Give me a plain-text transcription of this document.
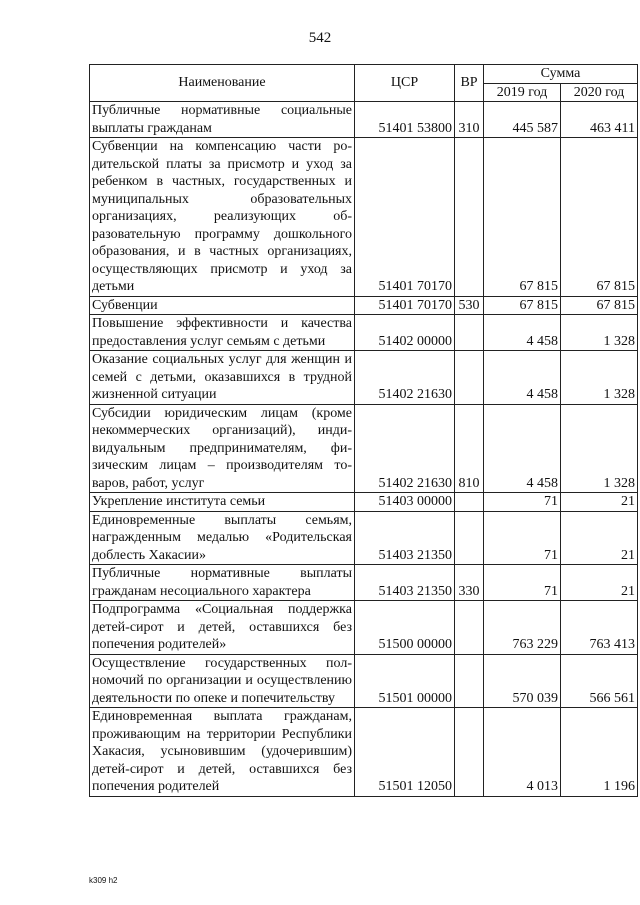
542
Наименование	ЦСР	ВР	Сумма	
			2019 год	2020 год
Публичные нормативные социальные выплаты гражданам	51401 53800	310	445 587	463 411
Субвенции на компенсацию части родительской платы за присмотр и уход за ребенком в частных, государственных и муниципальных образовательных организациях, реализующих образовательную программу дошкольного образования, и в частных организациях, осуществляющих присмотр и уход за детьми	51401 70170		67 815	67 815
Субвенции	51401 70170	530	67 815	67 815
Повышение эффективности и качества предоставления услуг семьям с детьми	51402 00000		4 458	1 328
Оказание социальных услуг для женщин и семей с детьми, оказавшихся в трудной жизненной ситуации	51402 21630		4 458	1 328
Субсидии юридическим лицам (кроме некоммерческих организаций), индивидуальным предпринимателям, физическим лицам – производителям товаров, работ, услуг	51402 21630	810	4 458	1 328
Укрепление института семьи	51403 00000		71	21
Единовременные выплаты семьям, награжденным медалью «Родительская доблесть Хакасии»	51403 21350		71	21
Публичные нормативные выплаты гражданам несоциального характера	51403 21350	330	71	21
Подпрограмма «Социальная поддержка детей-сирот и детей, оставшихся без попечения родителей»	51500 00000		763 229	763 413
Осуществление государственных полномочий по организации и осуществлению деятельности по опеке и попечительству	51501 00000		570 039	566 561
Единовременная выплата гражданам, проживающим на территории Республики Хакасия, усыновившим (удочерившим) детей-сирот и детей, оставшихся без попечения родителей	51501 12050		4 013	1 196
k309 h2
